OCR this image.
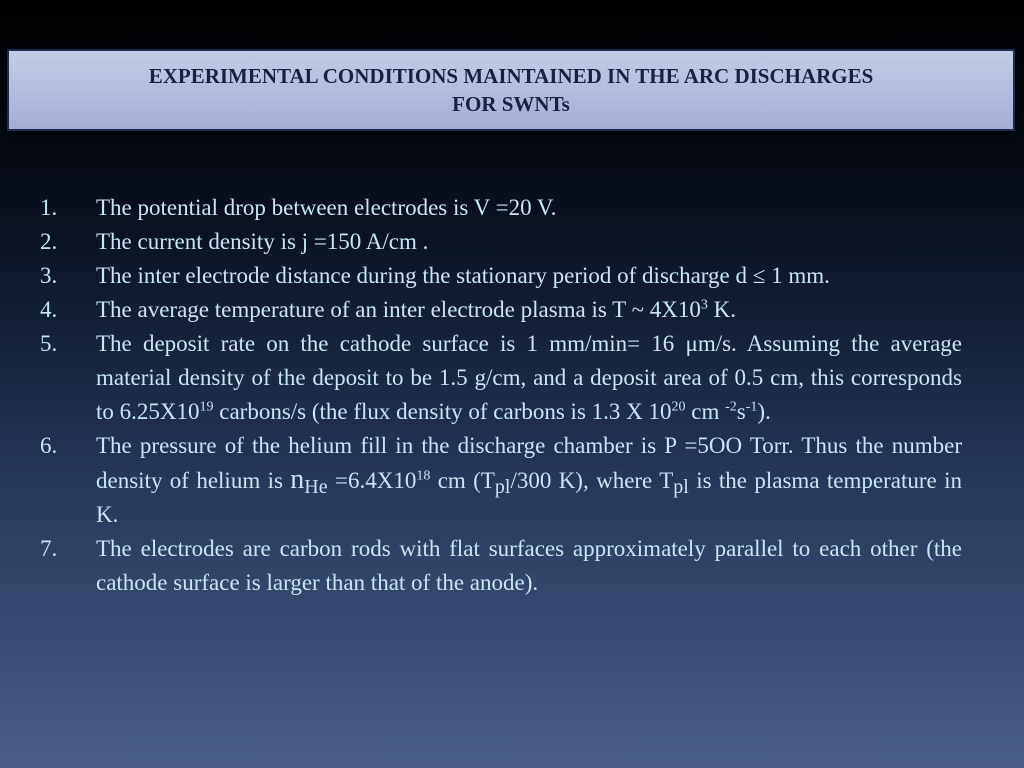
EXPERIMENTAL CONDITIONS MAINTAINED IN THE ARC DISCHARGES
FOR SWNTs
1.	The potential drop between electrodes is V =20 V.
2.	The current density is j =150 A/cm .
3.	The inter electrode distance during the stationary period of discharge d ≤ 1 mm.
4.	The average temperature of an inter electrode plasma is T ~ $4X10^3$ K.
5.	The deposit rate on the cathode surface is 1 mm/min= 16 μm/s. Assuming the average material density of the deposit to be 1.5 g/cm, and a deposit area of 0.5 cm, this corresponds to $6.25X10^{19}$ carbons/s (the flux density of carbons is 1.3 X $10^{20}$ cm $^{-2}s^{-1}$).
6.	The pressure of the helium fill in the discharge chamber is P =5OO Torr. Thus the number density of helium is $n_{He} =6.4X10^{18}$ cm ($T_{pl}/300$ K), where $T_{pl}$ is the plasma temperature in K.
7.	The electrodes are carbon rods with flat surfaces approximately parallel to each other (the cathode surface is larger than that of the anode).
